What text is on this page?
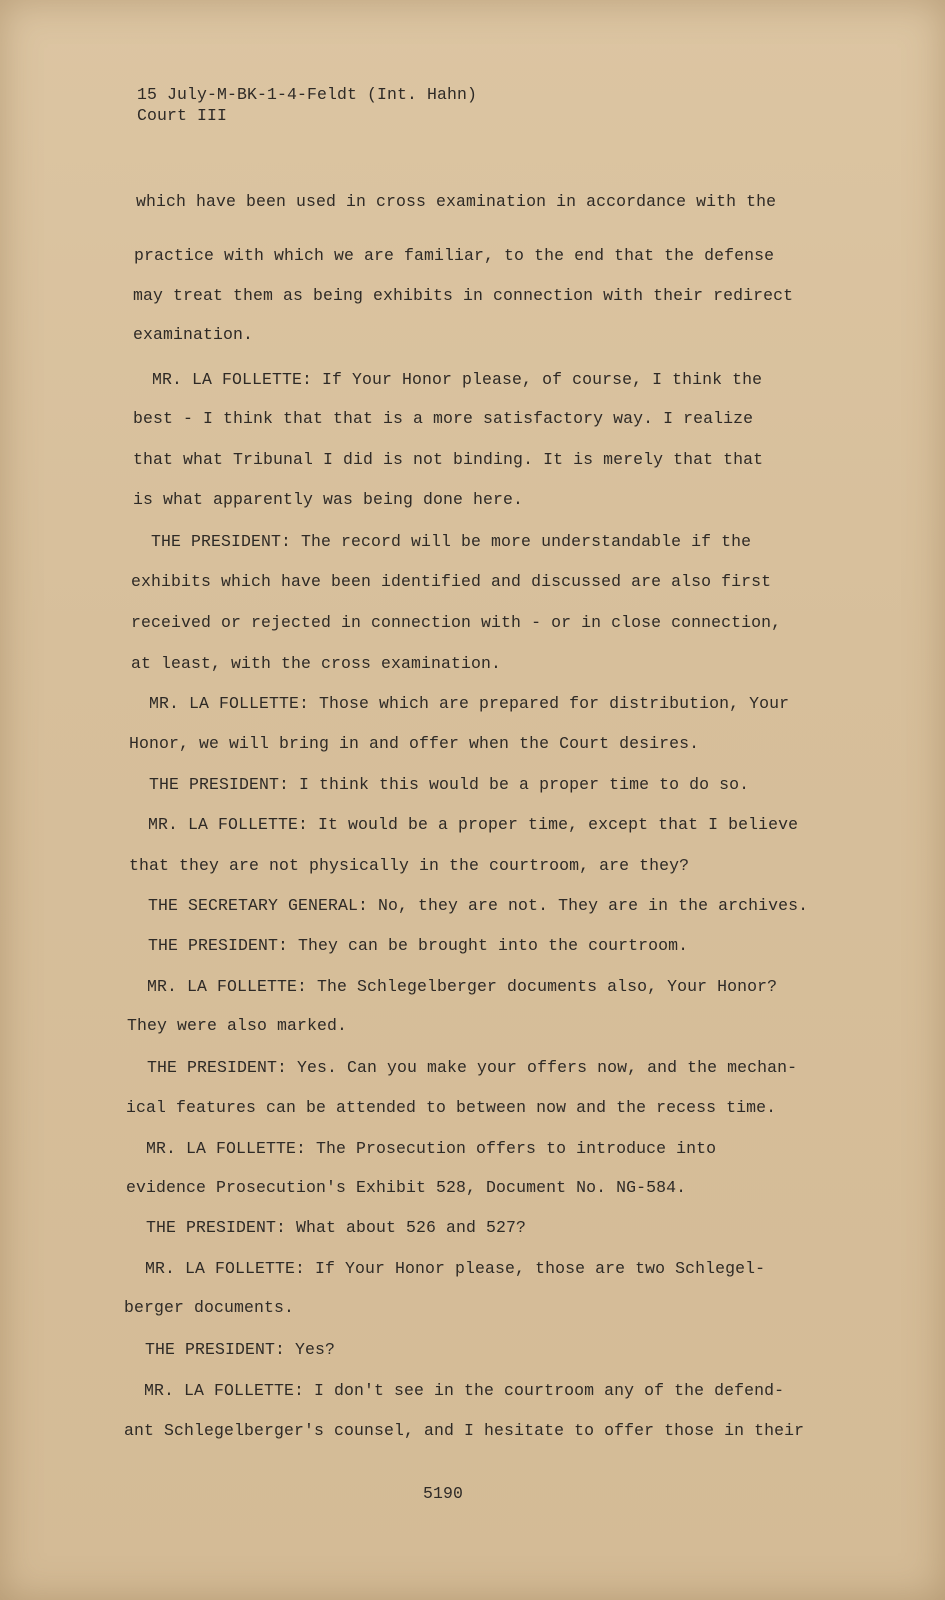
15 July-M-BK-1-4-Feldt (Int. Hahn)
Court III
which have been used in cross examination in accordance with the
practice with which we are familiar, to the end that the defense
may treat them as being exhibits in connection with their redirect
examination.
MR. LA FOLLETTE: If Your Honor please, of course, I think the
best - I think that that is a more satisfactory way. I realize
that what Tribunal I did is not binding. It is merely that that
is what apparently was being done here.
THE PRESIDENT: The record will be more understandable if the
exhibits which have been identified and discussed are also first
received or rejected in connection with - or in close connection,
at least, with the cross examination.
MR. LA FOLLETTE: Those which are prepared for distribution, Your
Honor, we will bring in and offer when the Court desires.
THE PRESIDENT: I think this would be a proper time to do so.
MR. LA FOLLETTE: It would be a proper time, except that I believe
that they are not physically in the courtroom, are they?
THE SECRETARY GENERAL: No, they are not. They are in the archives.
THE PRESIDENT: They can be brought into the courtroom.
MR. LA FOLLETTE: The Schlegelberger documents also, Your Honor?
They were also marked.
THE PRESIDENT: Yes. Can you make your offers now, and the mechan-
ical features can be attended to between now and the recess time.
MR. LA FOLLETTE: The Prosecution offers to introduce into
evidence Prosecution's Exhibit 528, Document No. NG-584.
THE PRESIDENT: What about 526 and 527?
MR. LA FOLLETTE: If Your Honor please, those are two Schlegel-
berger documents.
THE PRESIDENT: Yes?
MR. LA FOLLETTE: I don't see in the courtroom any of the defend-
ant Schlegelberger's counsel, and I hesitate to offer those in their
5190
